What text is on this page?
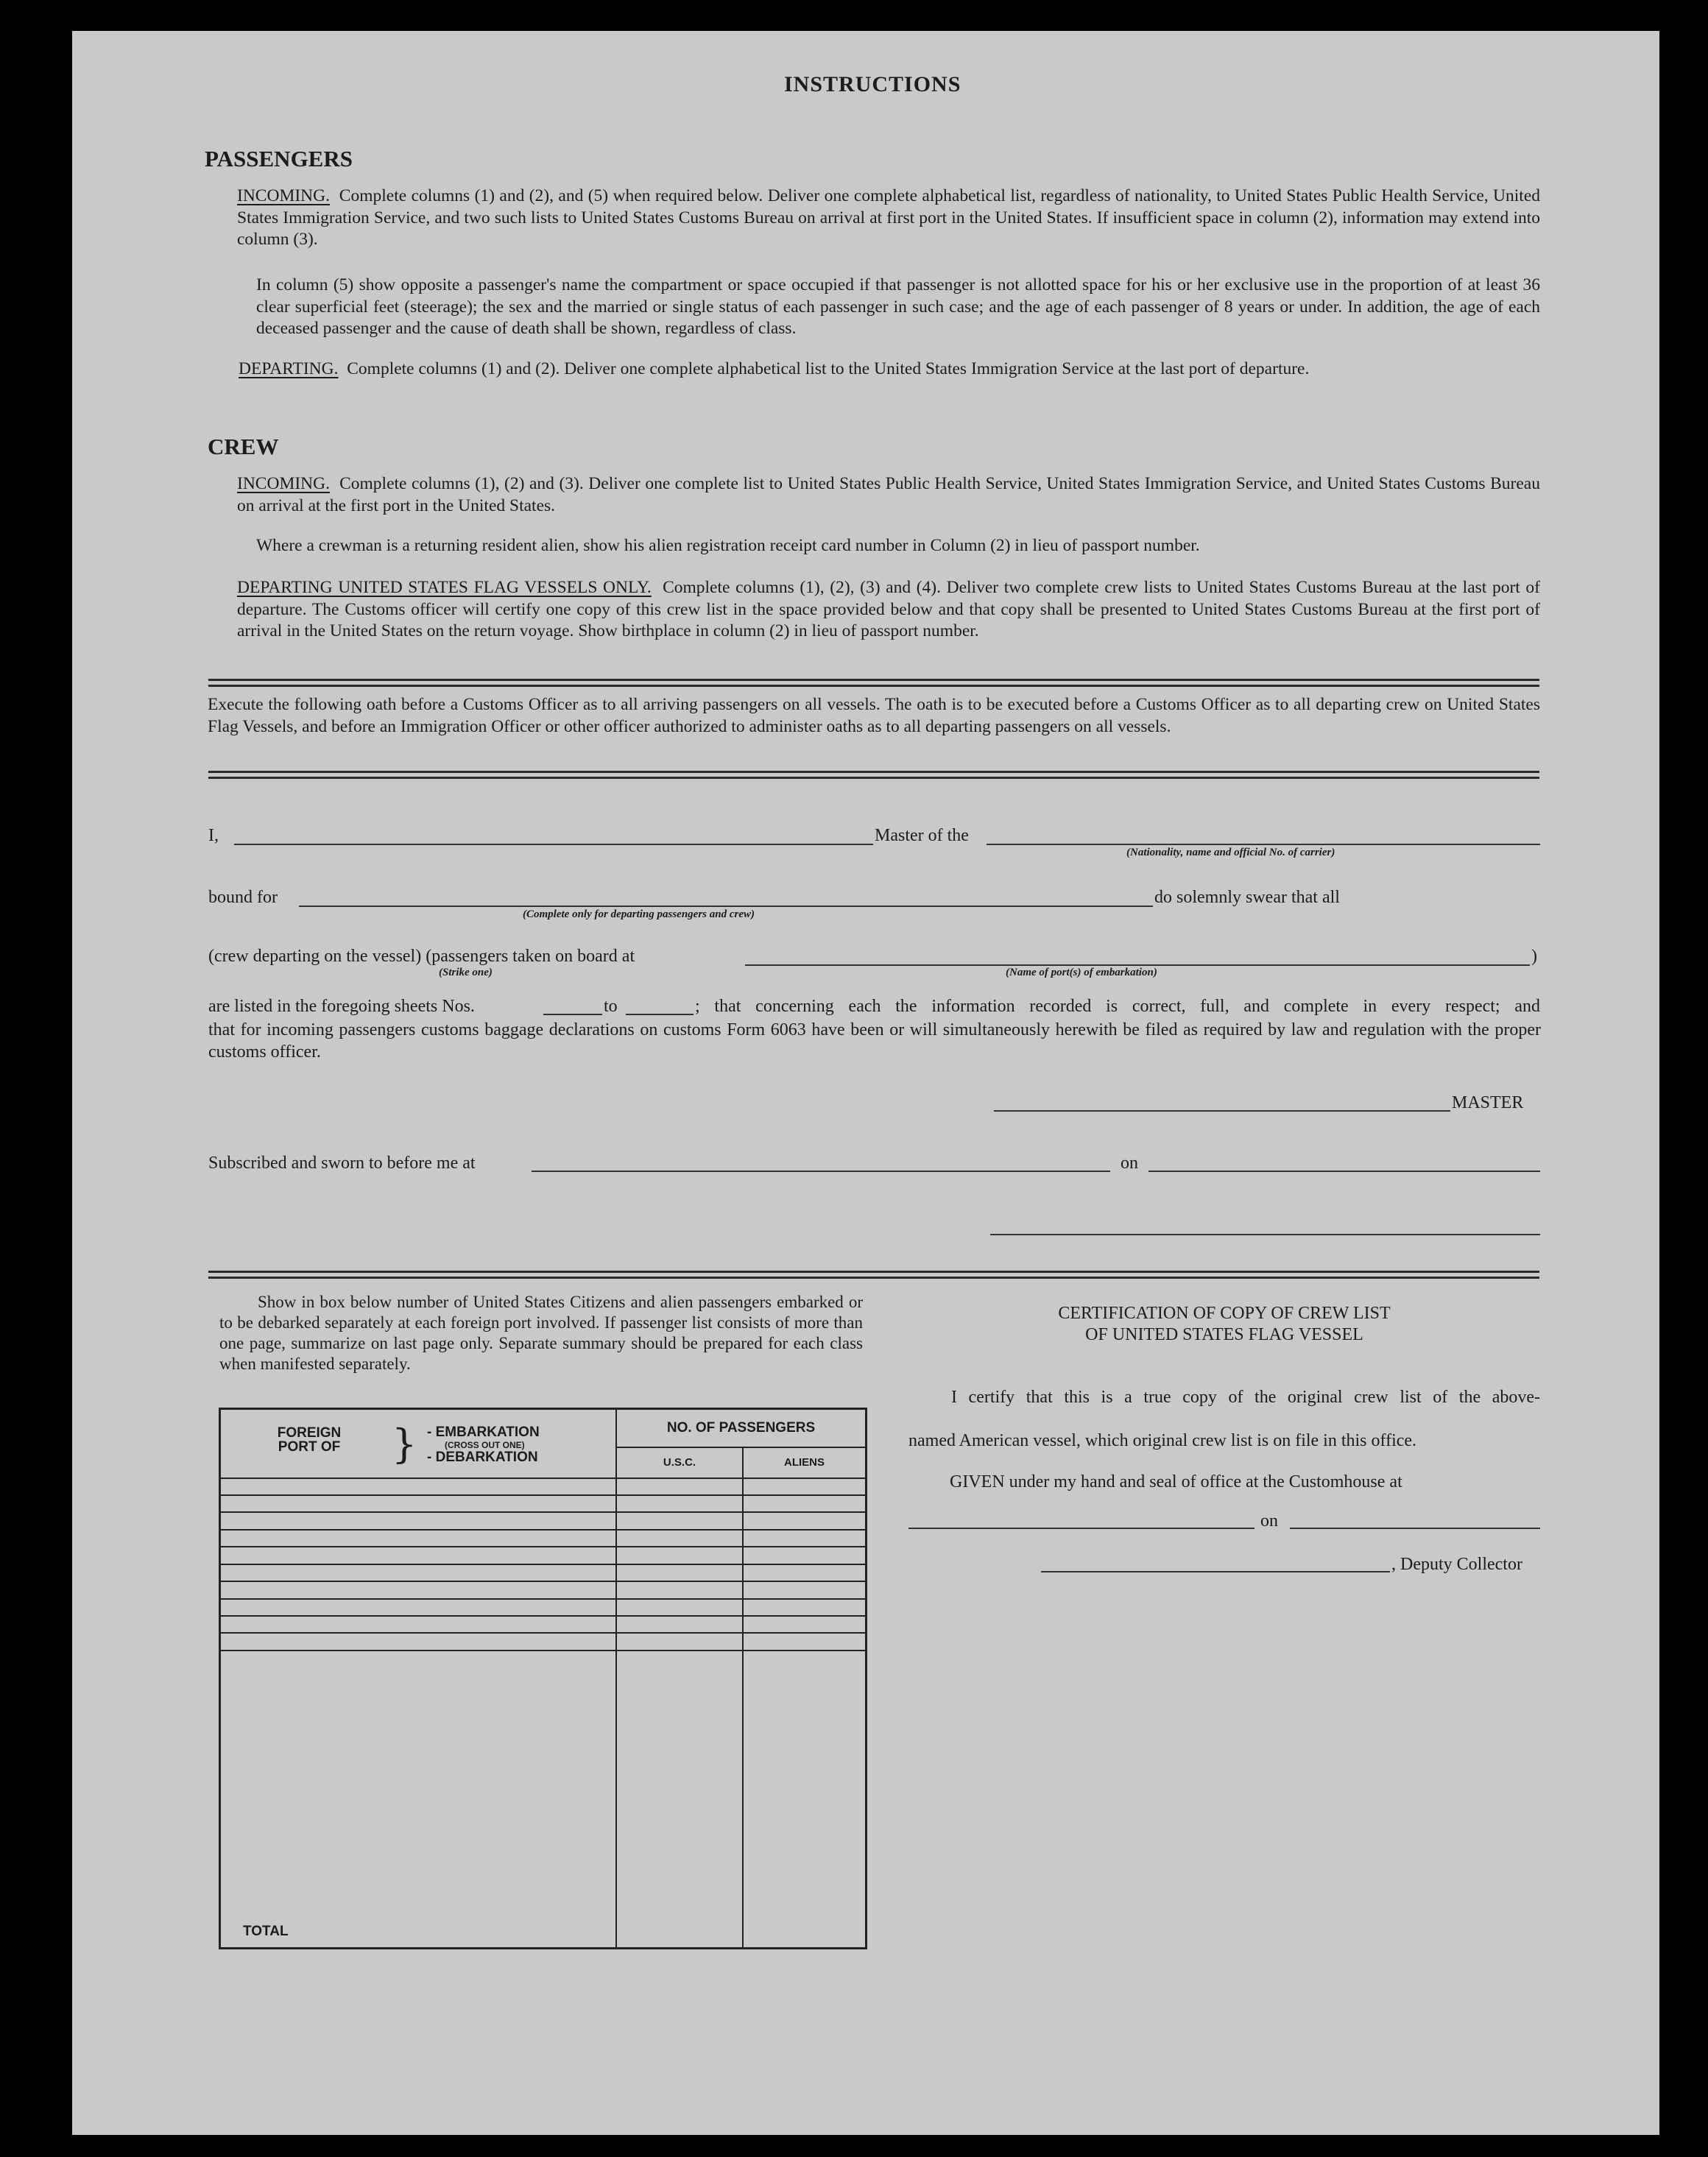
INSTRUCTIONS
PASSENGERS
INCOMING. Complete columns (1) and (2), and (5) when required below. Deliver one complete alphabetical list, regardless of nationality, to United States Public Health Service, United States Immigration Service, and two such lists to United States Customs Bureau on arrival at first port in the United States. If insufficient space in column (2), information may extend into column (3).
In column (5) show opposite a passenger's name the compartment or space occupied if that passenger is not allotted space for his or her exclusive use in the proportion of at least 36 clear superficial feet (steerage); the sex and the married or single status of each passenger in such case; and the age of each passenger of 8 years or under. In addition, the age of each deceased passenger and the cause of death shall be shown, regardless of class.
DEPARTING. Complete columns (1) and (2). Deliver one complete alphabetical list to the United States Immigration Service at the last port of departure.
CREW
INCOMING. Complete columns (1), (2) and (3). Deliver one complete list to United States Public Health Service, United States Immigration Service, and United States Customs Bureau on arrival at the first port in the United States.
Where a crewman is a returning resident alien, show his alien registration receipt card number in Column (2) in lieu of passport number.
DEPARTING UNITED STATES FLAG VESSELS ONLY. Complete columns (1), (2), (3) and (4). Deliver two complete crew lists to United States Customs Bureau at the last port of departure. The Customs officer will certify one copy of this crew list in the space provided below and that copy shall be presented to United States Customs Bureau at the first port of arrival in the United States on the return voyage. Show birthplace in column (2) in lieu of passport number.
Execute the following oath before a Customs Officer as to all arriving passengers on all vessels. The oath is to be executed before a Customs Officer as to all departing crew on United States Flag Vessels, and before an Immigration Officer or other officer authorized to administer oaths as to all departing passengers on all vessels.
I,	Master of the
(Nationality, name and official No. of carrier)
bound for
(Complete only for departing passengers and crew)
do solemnly swear that all
(crew departing on the vessel) (passengers taken on board at	)
(Strike one)	(Name of port(s) of embarkation)
are listed in the foregoing sheets Nos.	to	; that concerning each the information recorded is correct, full, and complete in every respect; and
that for incoming passengers customs baggage declarations on customs Form 6063 have been or will simultaneously herewith be filed as required by law and regulation with the proper customs officer.
MASTER
Subscribed and sworn to before me at	on
Show in box below number of United States Citizens and alien passengers embarked or to be debarked separately at each foreign port involved. If passenger list consists of more than one page, summarize on last page only. Separate summary should be prepared for each class when manifested separately.
FOREIGN PORT OF } - EMBARKATION
(CROSS OUT ONE)
- DEBARKATION	NO. OF PASSENGERS	
	U.S.C.	ALIENS

TOTAL		
CERTIFICATION OF COPY OF CREW LIST
OF UNITED STATES FLAG VESSEL
I certify that this is a true copy of the original crew list of the above-
named American vessel, which original crew list is on file in this office.
GIVEN under my hand and seal of office at the Customhouse at
on
, Deputy Collector
